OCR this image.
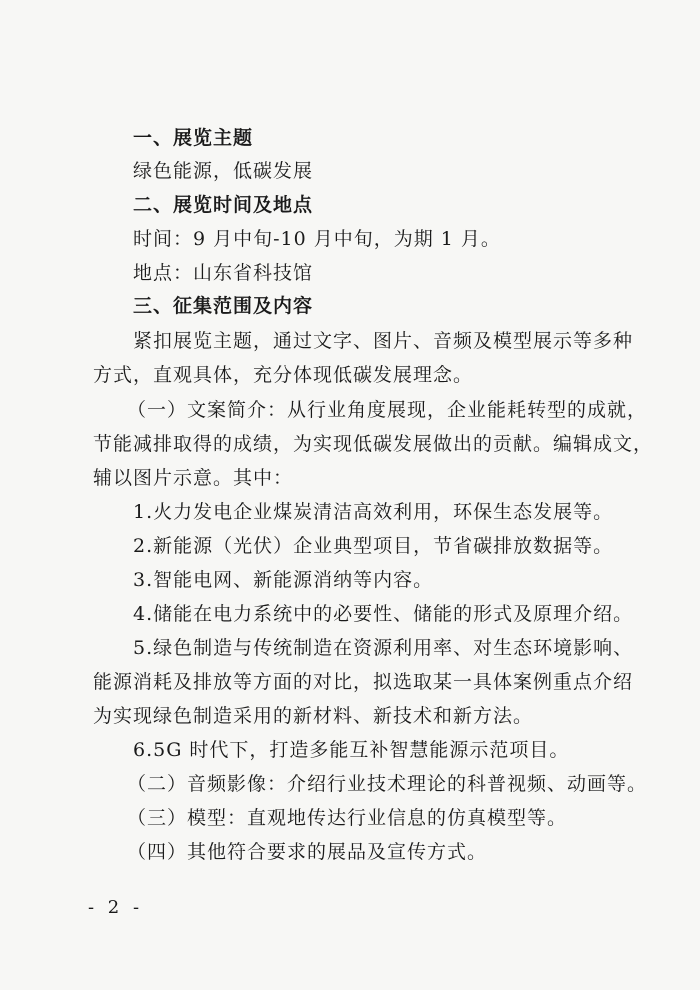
一、展览主题
绿色能源，低碳发展
二、展览时间及地点
时间：9 月中旬-10 月中旬，为期 1 月。
地点：山东省科技馆
三、征集范围及内容
紧扣展览主题，通过文字、图片、音频及模型展示等多种
方式，直观具体，充分体现低碳发展理念。
（一）文案简介：从行业角度展现，企业能耗转型的成就，
节能减排取得的成绩，为实现低碳发展做出的贡献。编辑成文，
辅以图片示意。其中：
1.火力发电企业煤炭清洁高效利用，环保生态发展等。
2.新能源（光伏）企业典型项目，节省碳排放数据等。
3.智能电网、新能源消纳等内容。
4.储能在电力系统中的必要性、储能的形式及原理介绍。
5.绿色制造与传统制造在资源利用率、对生态环境影响、
能源消耗及排放等方面的对比，拟选取某一具体案例重点介绍
为实现绿色制造采用的新材料、新技术和新方法。
6.5G 时代下，打造多能互补智慧能源示范项目。
（二）音频影像：介绍行业技术理论的科普视频、动画等。
（三）模型：直观地传达行业信息的仿真模型等。
（四）其他符合要求的展品及宣传方式。
- 2 -
